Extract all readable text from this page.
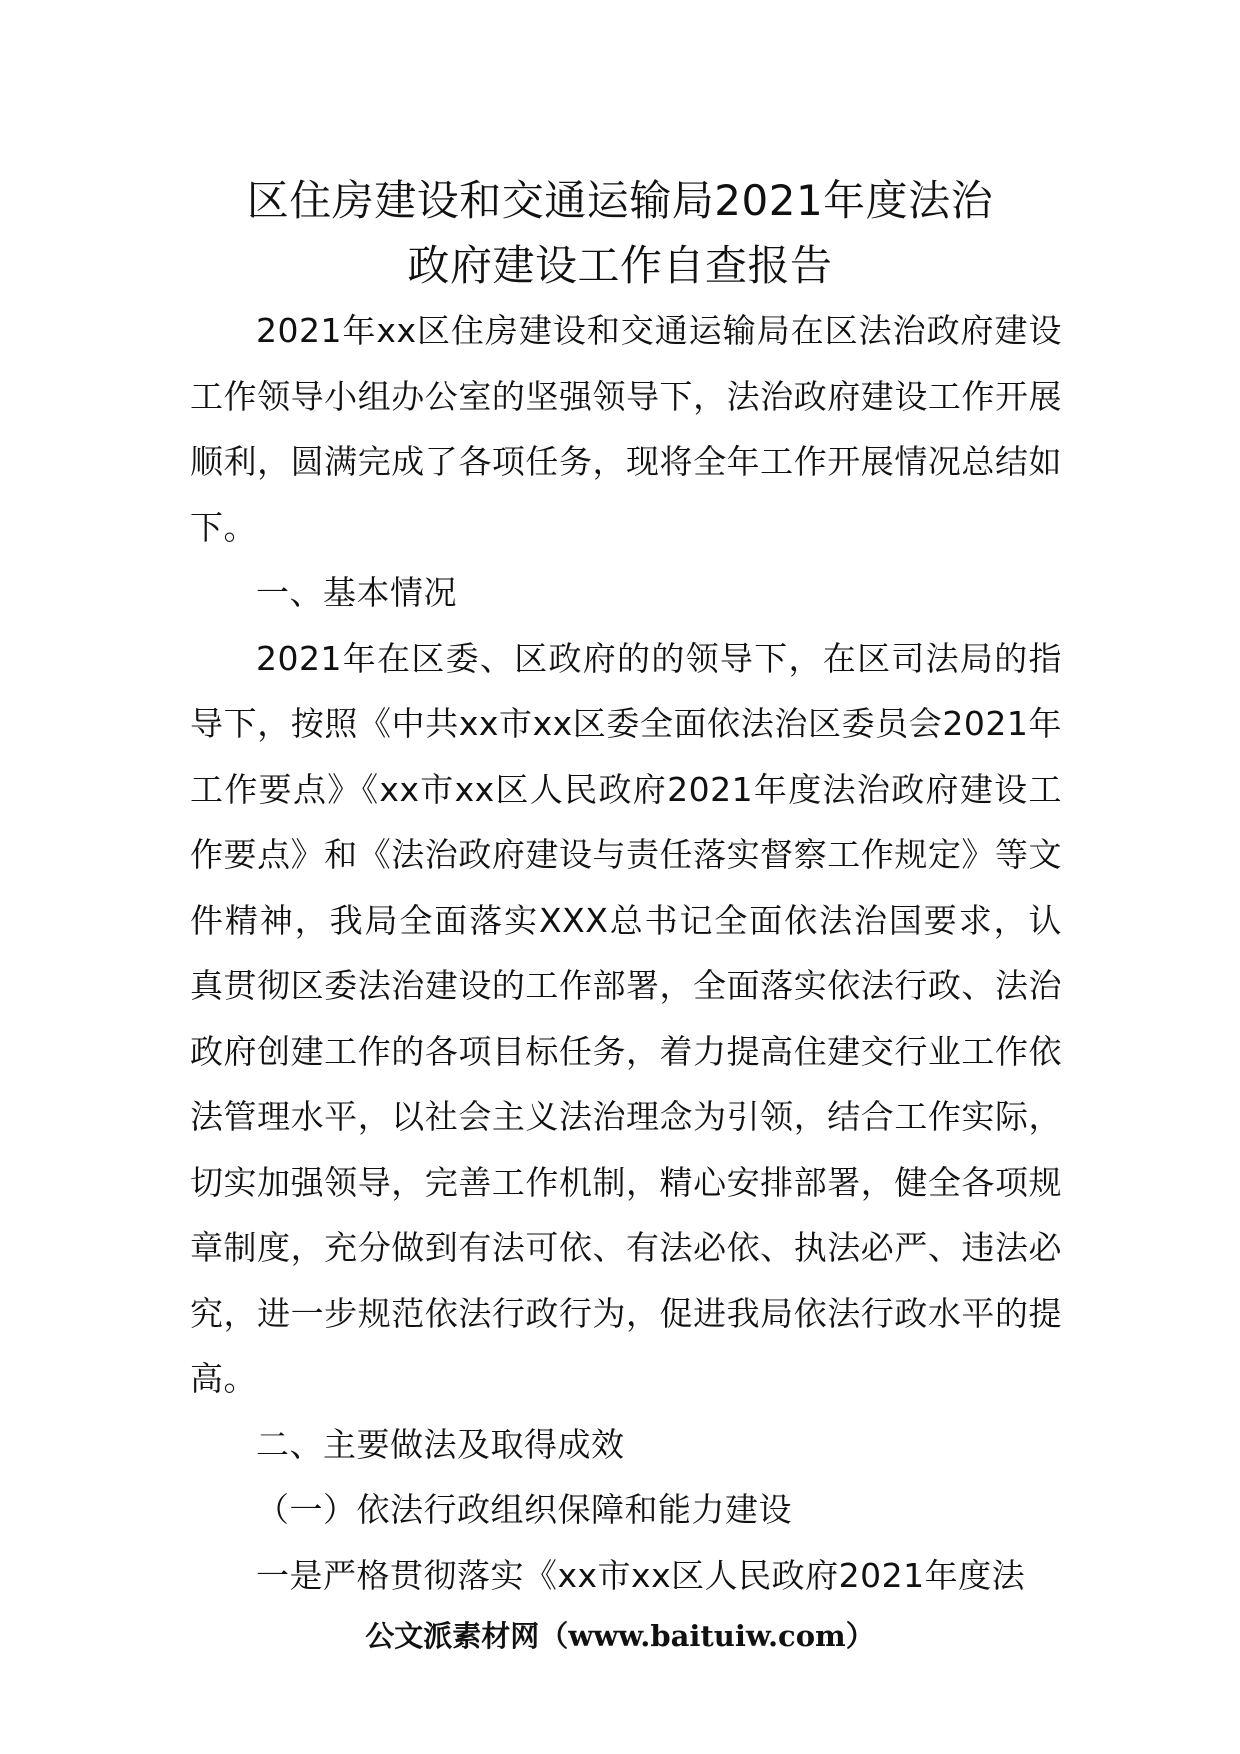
区住房建设和交通运输局2021年度法治
政府建设工作自查报告

2021年xx区住房建设和交通运输局在区法治政府建设工作领导小组办公室的坚强领导下，法治政府建设工作开展顺利，圆满完成了各项任务，现将全年工作开展情况总结如下。

一、基本情况

2021年在区委、区政府的的领导下，在区司法局的指导下，按照《中共xx市xx区委全面依法治区委员会2021年工作要点》《xx市xx区人民政府2021年度法治政府建设工作要点》和《法治政府建设与责任落实督察工作规定》等文件精神，我局全面落实XXX总书记全面依法治国要求，认真贯彻区委法治建设的工作部署，全面落实依法行政、法治政府创建工作的各项目标任务，着力提高住建交行业工作依法管理水平，以社会主义法治理念为引领，结合工作实际，切实加强领导，完善工作机制，精心安排部署，健全各项规章制度，充分做到有法可依、有法必依、执法必严、违法必究，进一步规范依法行政行为，促进我局依法行政水平的提高。

二、主要做法及取得成效

（一）依法行政组织保障和能力建设

一是严格贯彻落实《xx市xx区人民政府2021年度法

公文派素材网（www.baituiw.com）
